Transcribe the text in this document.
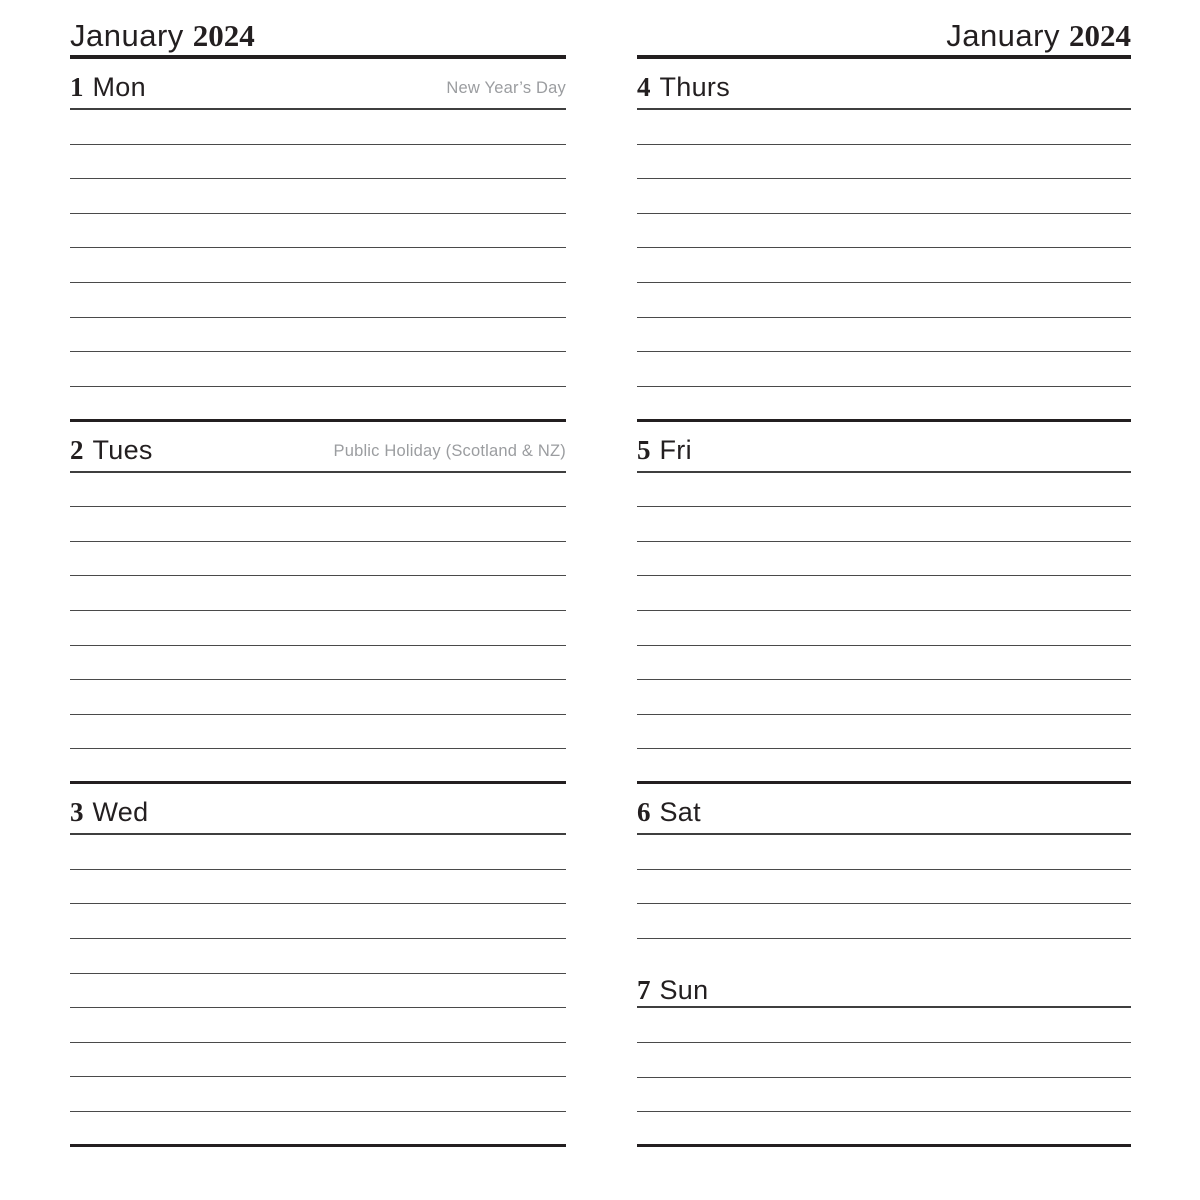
January 2024
1 Mon	New Year’s Day
2 Tues	Public Holiday (Scotland & NZ)
3 Wed
January 2024
4 Thurs
5 Fri
6 Sat
7 Sun
